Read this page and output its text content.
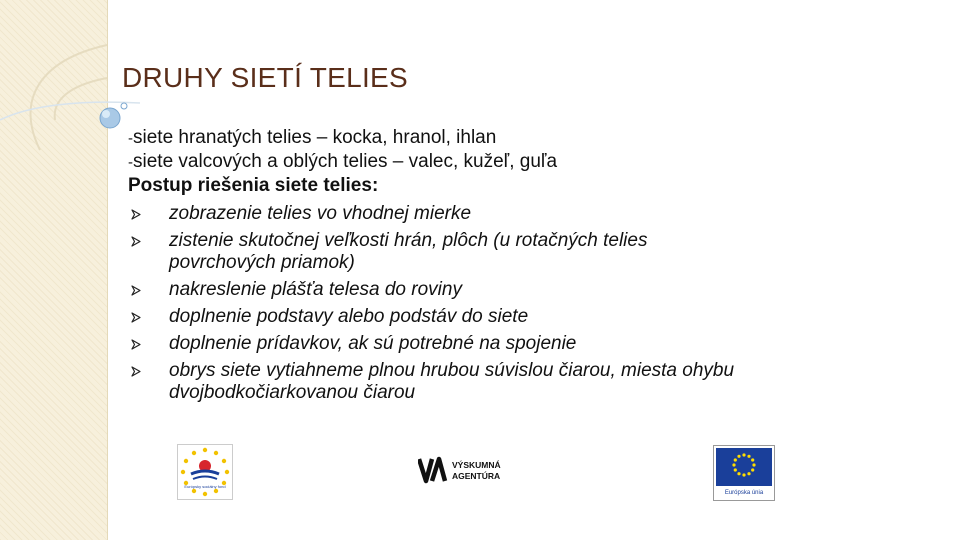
DRUHY SIETÍ TELIES
-siete hranatých telies – kocka, hranol, ihlan
-siete valcových a oblých telies – valec, kužeľ, guľa
Postup riešenia siete telies:
zobrazenie telies vo vhodnej mierke
zistenie skutočnej veľkosti hrán, plôch (u rotačných telies
povrchových priamok)
nakreslenie plášťa telesa do roviny
doplnenie podstavy alebo podstáv do siete
doplnenie prídavkov, ak sú potrebné na spojenie
obrys siete vytiahneme plnou hrubou súvislou čiarou, miesta ohybu
dvojbodkočiarkovanou čiarou
Európsky sociálny fond
VÝSKUMNÁ
AGENTÚRA
Európska únia
